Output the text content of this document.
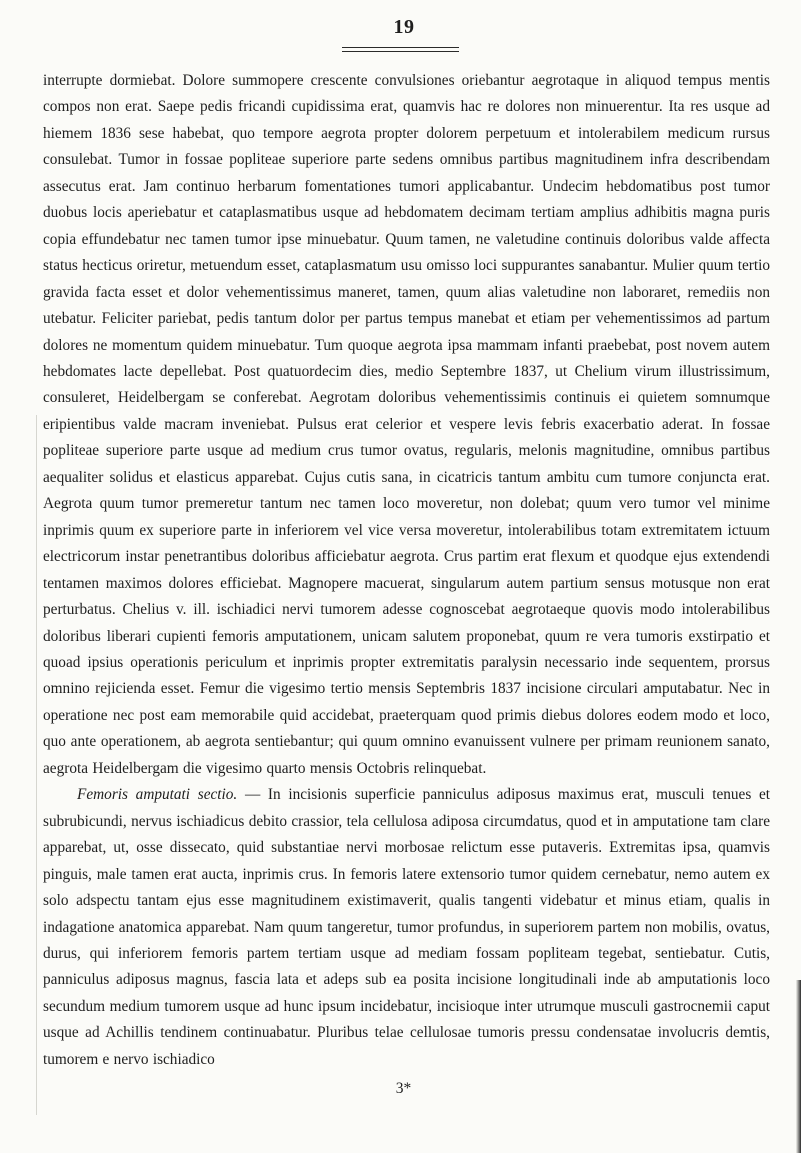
19

interrupte dormiebat. Dolore summopere crescente convulsiones oriebantur aegrotaque in aliquod tempus mentis compos non erat. Saepe pedis fricandi cupidissima erat, quamvis hac re dolores non minuerentur. Ita res usque ad hiemem 1836 sese habebat, quo tempore aegrota propter dolorem perpetuum et intolerabilem medicum rursus consulebat. Tumor in fossae popliteae superiore parte sedens omnibus partibus magnitudinem infra describendam assecutus erat. Jam continuo herbarum fomentationes tumori applicabantur. Undecim hebdomatibus post tumor duobus locis aperiebatur et cataplasmatibus usque ad hebdomatem decimam tertiam amplius adhibitis magna puris copia effundebatur nec tamen tumor ipse minuebatur. Quum tamen, ne valetudine continuis doloribus valde affecta status hecticus oriretur, metuendum esset, cataplasmatum usu omisso loci suppurantes sanabantur. Mulier quum tertio gravida facta esset et dolor vehementissimus maneret, tamen, quum alias valetudine non laboraret, remediis non utebatur. Feliciter pariebat, pedis tantum dolor per partus tempus manebat et etiam per vehementissimos ad partum dolores ne momentum quidem minuebatur. Tum quoque aegrota ipsa mammam infanti praebebat, post novem autem hebdomates lacte depellebat. Post quatuordecim dies, medio Septembre 1837, ut Chelium virum illustrissimum, consuleret, Heidelbergam se conferebat. Aegrotam doloribus vehementissimis continuis ei quietem somnumque eripientibus valde macram inveniebat. Pulsus erat celerior et vespere levis febris exacerbatio aderat. In fossae popliteae superiore parte usque ad medium crus tumor ovatus, regularis, melonis magnitudine, omnibus partibus aequaliter solidus et elasticus apparebat. Cujus cutis sana, in cicatricis tantum ambitu cum tumore conjuncta erat. Aegrota quum tumor premeretur tantum nec tamen loco moveretur, non dolebat; quum vero tumor vel minime inprimis quum ex superiore parte in inferiorem vel vice versa moveretur, intolerabilibus totam extremitatem ictuum electricorum instar penetrantibus doloribus afficiebatur aegrota. Crus partim erat flexum et quodque ejus extendendi tentamen maximos dolores efficiebat. Magnopere macuerat, singularum autem partium sensus motusque non erat perturbatus. Chelius v. ill. ischiadici nervi tumorem adesse cognoscebat aegrotaeque quovis modo intolerabilibus doloribus liberari cupienti femoris amputationem, unicam salutem proponebat, quum re vera tumoris exstirpatio et quoad ipsius operationis periculum et inprimis propter extremitatis paralysin necessario inde sequentem, prorsus omnino rejicienda esset. Femur die vigesimo tertio mensis Septembris 1837 incisione circulari amputabatur. Nec in operatione nec post eam memorabile quid accidebat, praeterquam quod primis diebus dolores eodem modo et loco, quo ante operationem, ab aegrota sentiebantur; qui quum omnino evanuissent vulnere per primam reunionem sanato, aegrota Heidelbergam die vigesimo quarto mensis Octobris relinquebat.

Femoris amputati sectio. — In incisionis superficie panniculus adiposus maximus erat, musculi tenues et subrubicundi, nervus ischiadicus debito crassior, tela cellulosa adiposa circumdatus, quod et in amputatione tam clare apparebat, ut, osse dissecato, quid substantiae nervi morbosae relictum esse putaveris. Extremitas ipsa, quamvis pinguis, male tamen erat aucta, inprimis crus. In femoris latere extensorio tumor quidem cernebatur, nemo autem ex solo adspectu tantam ejus esse magnitudinem existimaverit, qualis tangenti videbatur et minus etiam, qualis in indagatione anatomica apparebat. Nam quum tangeretur, tumor profundus, in superiorem partem non mobilis, ovatus, durus, qui inferiorem femoris partem tertiam usque ad mediam fossam popliteam tegebat, sentiebatur. Cutis, panniculus adiposus magnus, fascia lata et adeps sub ea posita incisione longitudinali inde ab amputationis loco secundum medium tumorem usque ad hunc ipsum incidebatur, incisioque inter utrumque musculi gastrocnemii caput usque ad Achillis tendinem continuabatur. Pluribus telae cellulosae tumoris pressu condensatae involucris demtis, tumorem e nervo ischiadico

3*
